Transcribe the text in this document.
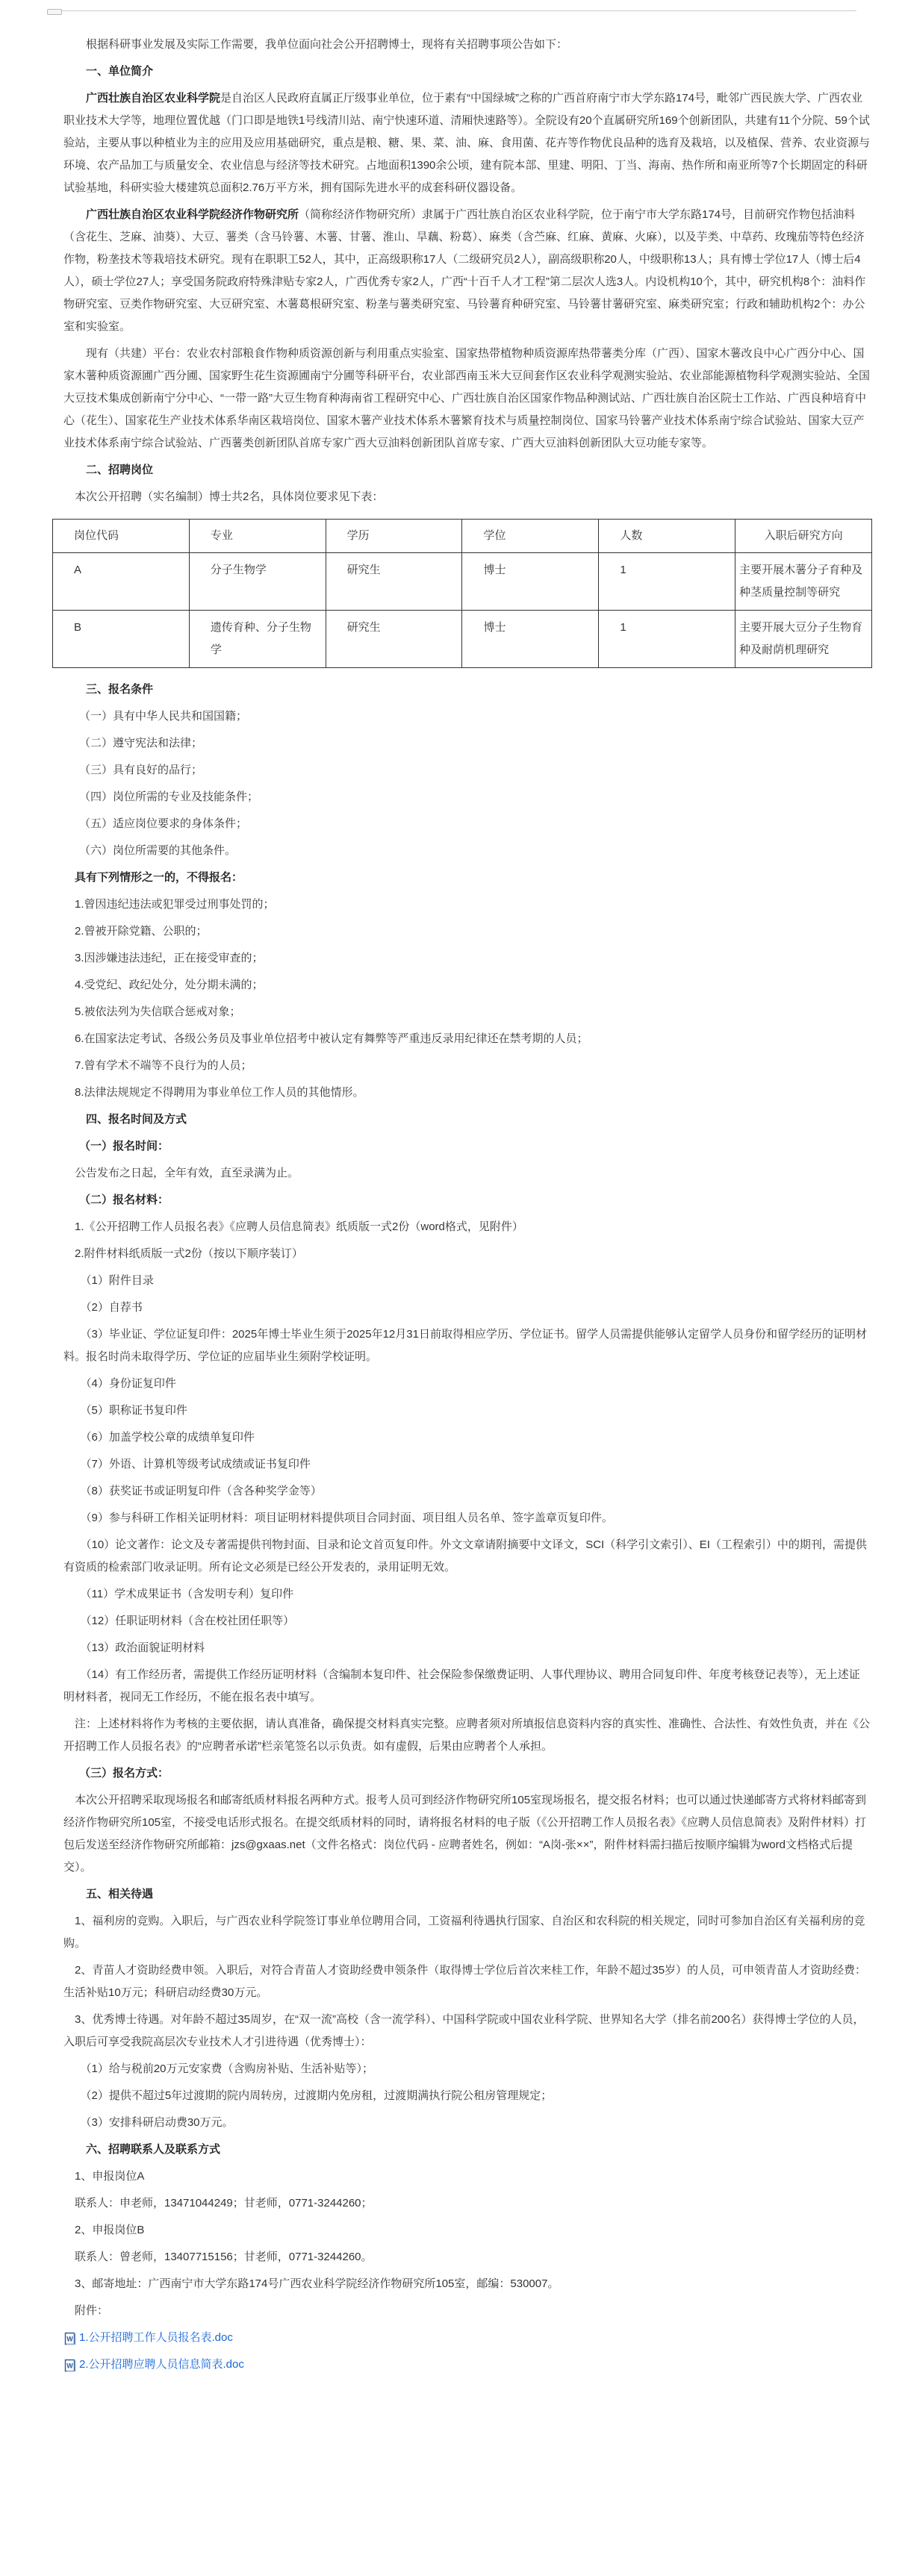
根据科研事业发展及实际工作需要，我单位面向社会公开招聘博士，现将有关招聘事项公告如下：

一、单位简介

广西壮族自治区农业科学院是自治区人民政府直属正厅级事业单位，位于素有“中国绿城”之称的广西首府南宁市大学东路174号，毗邻广西民族大学、广西农业职业技术大学等，地理位置优越（门口即是地铁1号线清川站、南宁快速环道、清厢快速路等）。全院设有20个直属研究所169个创新团队，共建有11个分院、59个试验站，主要从事以种植业为主的应用及应用基础研究，重点是粮、糖、果、菜、油、麻、食用菌、花卉等作物优良品种的选育及栽培，以及植保、营养、农业资源与环境、农产品加工与质量安全、农业信息与经济等技术研究。占地面积1390余公顷，建有院本部、里建、明阳、丁当、海南、热作所和南亚所等7个长期固定的科研试验基地，科研实验大楼建筑总面积2.76万平方米，拥有国际先进水平的成套科研仪器设备。

广西壮族自治区农业科学院经济作物研究所（简称经济作物研究所）隶属于广西壮族自治区农业科学院，位于南宁市大学东路174号，目前研究作物包括油料（含花生、芝麻、油葵）、大豆、薯类（含马铃薯、木薯、甘薯、淮山、旱藕、粉葛）、麻类（含苎麻、红麻、黄麻、火麻），以及芋类、中草药、玫瑰茄等特色经济作物，粉垄技术等栽培技术研究。现有在职职工52人，其中，正高级职称17人（二级研究员2人），副高级职称20人，中级职称13人；具有博士学位17人（博士后4人），硕士学位27人；享受国务院政府特殊津贴专家2人，广西优秀专家2人，广西“十百千人才工程”第二层次人选3人。内设机构10个，其中，研究机构8个：油料作物研究室、豆类作物研究室、大豆研究室、木薯葛根研究室、粉垄与薯类研究室、马铃薯育种研究室、马铃薯甘薯研究室、麻类研究室；行政和辅助机构2个：办公室和实验室。

现有（共建）平台：农业农村部粮食作物种质资源创新与利用重点实验室、国家热带植物种质资源库热带薯类分库（广西）、国家木薯改良中心广西分中心、国家木薯种质资源圃广西分圃、国家野生花生资源圃南宁分圃等科研平台，农业部西南玉米大豆间套作区农业科学观测实验站、农业部能源植物科学观测实验站、全国大豆技术集成创新南宁分中心、“一带一路”大豆生物育种海南省工程研究中心、广西壮族自治区国家作物品种测试站、广西壮族自治区院士工作站、广西良种培育中心（花生）、国家花生产业技术体系华南区栽培岗位、国家木薯产业技术体系木薯繁育技术与质量控制岗位、国家马铃薯产业技术体系南宁综合试验站、国家大豆产业技术体系南宁综合试验站、广西薯类创新团队首席专家广西大豆油料创新团队首席专家、广西大豆油料创新团队大豆功能专家等。

二、招聘岗位

本次公开招聘（实名编制）博士共2名，具体岗位要求见下表：

岗位代码	专业	学历	学位	人数	入职后研究方向
A	分子生物学	研究生	博士	1	主要开展木薯分子育种及种茎质量控制等研究
B	遗传育种、分子生物学	研究生	博士	1	主要开展大豆分子生物育种及耐荫机理研究

三、报名条件

（一）具有中华人民共和国国籍；

（二）遵守宪法和法律；

（三）具有良好的品行；

（四）岗位所需的专业及技能条件；

（五）适应岗位要求的身体条件；

（六）岗位所需要的其他条件。

具有下列情形之一的，不得报名：

1.曾因违纪违法或犯罪受过刑事处罚的；

2.曾被开除党籍、公职的；

3.因涉嫌违法违纪，正在接受审查的；

4.受党纪、政纪处分，处分期未满的；

5.被依法列为失信联合惩戒对象；

6.在国家法定考试、各级公务员及事业单位招考中被认定有舞弊等严重违反录用纪律还在禁考期的人员；

7.曾有学术不端等不良行为的人员；

8.法律法规规定不得聘用为事业单位工作人员的其他情形。

四、报名时间及方式

（一）报名时间：

公告发布之日起，全年有效，直至录满为止。

（二）报名材料：

1.《公开招聘工作人员报名表》《应聘人员信息简表》纸质版一式2份（word格式，见附件）

2.附件材料纸质版一式2份（按以下顺序装订）

（1）附件目录

（2）自荐书

（3）毕业证、学位证复印件：2025年博士毕业生须于2025年12月31日前取得相应学历、学位证书。留学人员需提供能够认定留学人员身份和留学经历的证明材料。报名时尚未取得学历、学位证的应届毕业生须附学校证明。

（4）身份证复印件

（5）职称证书复印件

（6）加盖学校公章的成绩单复印件

（7）外语、计算机等级考试成绩或证书复印件

（8）获奖证书或证明复印件（含各种奖学金等）

（9）参与科研工作相关证明材料：项目证明材料提供项目合同封面、项目组人员名单、签字盖章页复印件。

（10）论文著作：论文及专著需提供刊物封面、目录和论文首页复印件。外文文章请附摘要中文译文，SCI（科学引文索引）、EI（工程索引）中的期刊，需提供有资质的检索部门收录证明。所有论文必须是已经公开发表的，录用证明无效。

（11）学术成果证书（含发明专利）复印件

（12）任职证明材料（含在校社团任职等）

（13）政治面貌证明材料

（14）有工作经历者，需提供工作经历证明材料（含编制本复印件、社会保险参保缴费证明、人事代理协议、聘用合同复印件、年度考核登记表等），无上述证明材料者，视同无工作经历，不能在报名表中填写。

注：上述材料将作为考核的主要依据，请认真准备，确保提交材料真实完整。应聘者须对所填报信息资料内容的真实性、准确性、合法性、有效性负责，并在《公开招聘工作人员报名表》的“应聘者承诺”栏亲笔签名以示负责。如有虚假，后果由应聘者个人承担。

（三）报名方式：

本次公开招聘采取现场报名和邮寄纸质材料报名两种方式。报考人员可到经济作物研究所105室现场报名，提交报名材料；也可以通过快递邮寄方式将材料邮寄到经济作物研究所105室，不接受电话形式报名。在提交纸质材料的同时，请将报名材料的电子版（《公开招聘工作人员报名表》《应聘人员信息简表》及附件材料）打包后发送至经济作物研究所邮箱：jzs@gxaas.net（文件名格式：岗位代码 - 应聘者姓名，例如：“A岗-张××”，附件材料需扫描后按顺序编辑为word文档格式后提交）。

五、相关待遇

1、福利房的竞购。入职后，与广西农业科学院签订事业单位聘用合同，工资福利待遇执行国家、自治区和农科院的相关规定，同时可参加自治区有关福利房的竞购。

2、青苗人才资助经费申领。入职后，对符合青苗人才资助经费申领条件（取得博士学位后首次来桂工作，年龄不超过35岁）的人员，可申领青苗人才资助经费：生活补贴10万元；科研启动经费30万元。

3、优秀博士待遇。对年龄不超过35周岁，在“双一流”高校（含一流学科）、中国科学院或中国农业科学院、世界知名大学（排名前200名）获得博士学位的人员，入职后可享受我院高层次专业技术人才引进待遇（优秀博士）：

（1）给与税前20万元安家费（含购房补贴、生活补贴等）；

（2）提供不超过5年过渡期的院内周转房，过渡期内免房租，过渡期满执行院公租房管理规定；

（3）安排科研启动费30万元。

六、招聘联系人及联系方式

1、申报岗位A

联系人：申老师，13471044249；甘老师，0771-3244260；

2、申报岗位B

联系人：曾老师，13407715156；甘老师，0771-3244260。

3、邮寄地址：广西南宁市大学东路174号广西农业科学院经济作物研究所105室，邮编：530007。

附件：

W 1.公开招聘工作人员报名表.doc

W 2.公开招聘应聘人员信息简表.doc
